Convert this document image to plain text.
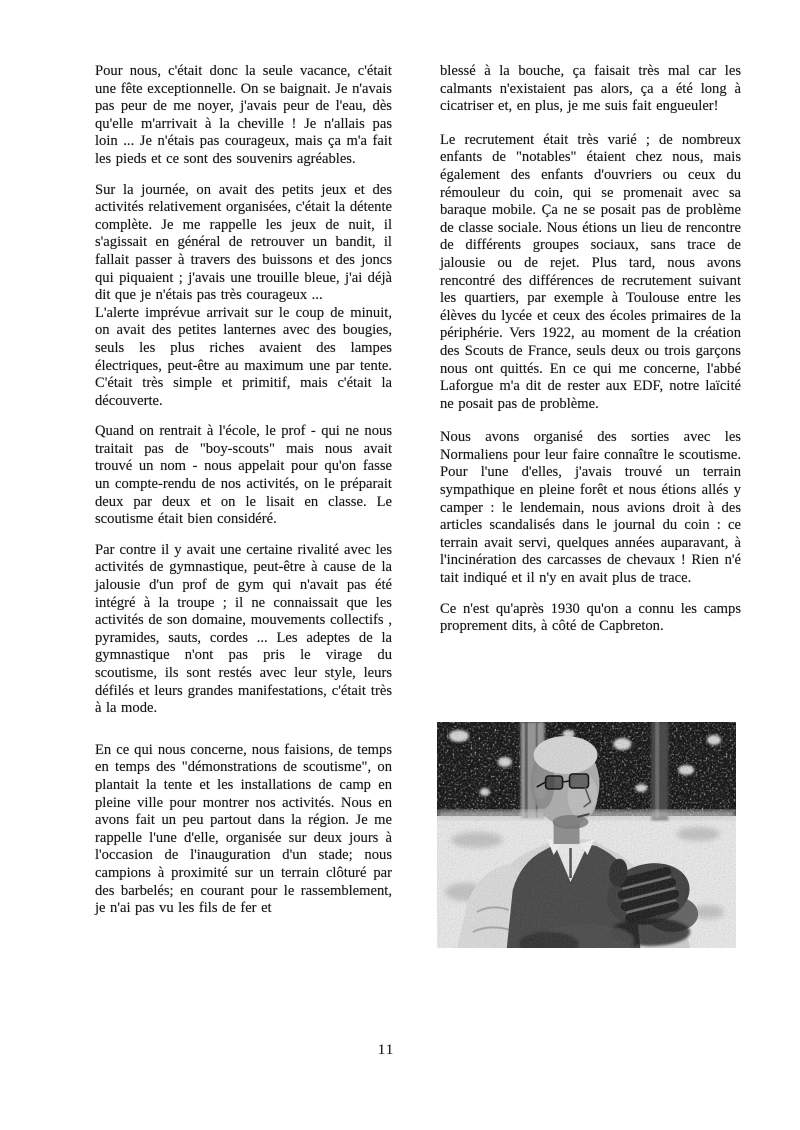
Pour nous, c'était donc la seule vacance, c'était une fête exceptionnelle. On se baignait. Je n'avais pas peur de me noyer, j'avais peur de l'eau, dès qu'elle m'arrivait à la cheville ! Je n'allais pas loin ... Je n'étais pas courageux, mais ça m'a fait les pieds et ce sont des souvenirs agréables.

Sur la journée, on avait des petits jeux et des activités relativement organisées, c'était la détente complète. Je me rappelle les jeux de nuit, il s'agissait en général de retrouver un bandit, il fallait passer à travers des buissons et des joncs qui piquaient ; j'avais une trouille bleue, j'ai déjà dit que je n'étais pas très courageux ...

L'alerte imprévue arrivait sur le coup de minuit, on avait des petites lanternes avec des bougies, seuls les plus riches avaient des lampes électriques, peut-être au maximum une par tente. C'était très simple et primitif, mais c'était la découverte.

Quand on rentrait à l'école, le prof - qui ne nous traitait pas de "boy-scouts" mais nous avait trouvé un nom - nous appelait pour qu'on fasse un compte-rendu de nos activités, on le préparait deux par deux et on le lisait en classe. Le scoutisme était bien considéré.

Par contre il y avait une certaine rivalité avec les activités de gymnastique, peut-être à cause de la jalousie d'un prof de gym qui n'avait pas été intégré à la troupe ; il ne connaissait que les activités de son domaine, mouvements collectifs , pyramides, sauts, cordes ... Les adeptes de la gymnastique n'ont pas pris le virage du scoutisme, ils sont restés avec leur style, leurs défilés et leurs grandes manifestations, c'était très à la mode.

En ce qui nous concerne, nous faisions, de temps en temps des "démonstrations de scoutisme", on plantait la tente et les installations de camp en pleine ville pour montrer nos activités. Nous en avons fait un peu partout dans la région. Je me rappelle l'une d'elle, organisée sur deux jours à l'occasion de l'inauguration d'un stade; nous campions à proximité sur un terrain clôturé par des barbelés; en courant pour le rassemblement, je n'ai pas vu les fils de fer et

blessé à la bouche, ça faisait très mal car les calmants n'existaient pas alors, ça a été long à cicatriser et, en plus, je me suis fait engueuler!

Le recrutement était très varié ; de nombreux enfants de "notables" étaient chez nous, mais également des enfants d'ouvriers ou ceux du rémouleur du coin, qui se promenait avec sa baraque mobile. Ça ne se posait pas de problème de classe sociale. Nous étions un lieu de rencontre de différents groupes sociaux, sans trace de jalousie ou de rejet. Plus tard, nous avons rencontré des différences de recrutement suivant les quartiers, par exemple à Toulouse entre les élèves du lycée et ceux des écoles primaires de la périphérie. Vers 1922, au moment de la création des Scouts de France, seuls deux ou trois garçons nous ont quittés. En ce qui me concerne, l'abbé Laforgue m'a dit de rester aux EDF, notre laïcité ne posait pas de problème.

Nous avons organisé des sorties avec les Normaliens pour leur faire connaître le scoutisme. Pour l'une d'elles, j'avais trouvé un terrain sympathique en pleine forêt et nous étions allés y camper : le lendemain, nous avions droit à des articles scandalisés dans le journal du coin : ce terrain avait servi, quelques années auparavant, à l'incinération des carcasses de chevaux ! Rien n'é tait indiqué et il n'y en avait plus de trace.

Ce n'est qu'après 1930 qu'on a connu les camps proprement dits, à côté de Capbreton.

11
